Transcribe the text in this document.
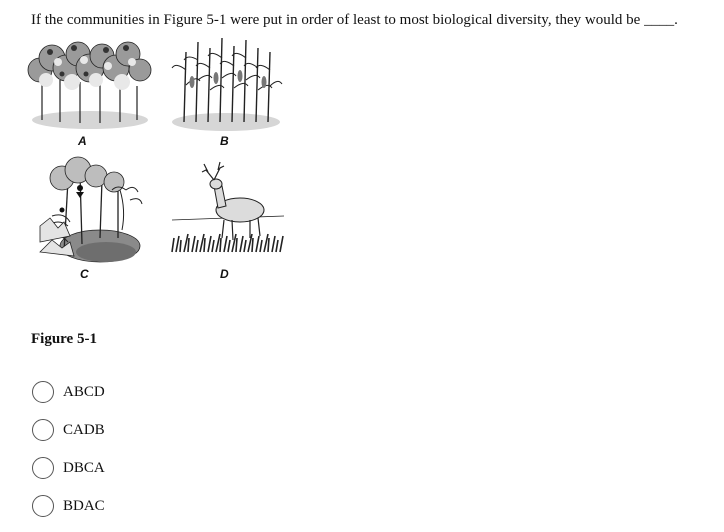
If the communities in Figure 5-1 were put in order of least to most biological diversity, they would be ____.
A	B
C	D
Figure 5-1
ABCD
CADB
DBCA
BDAC
